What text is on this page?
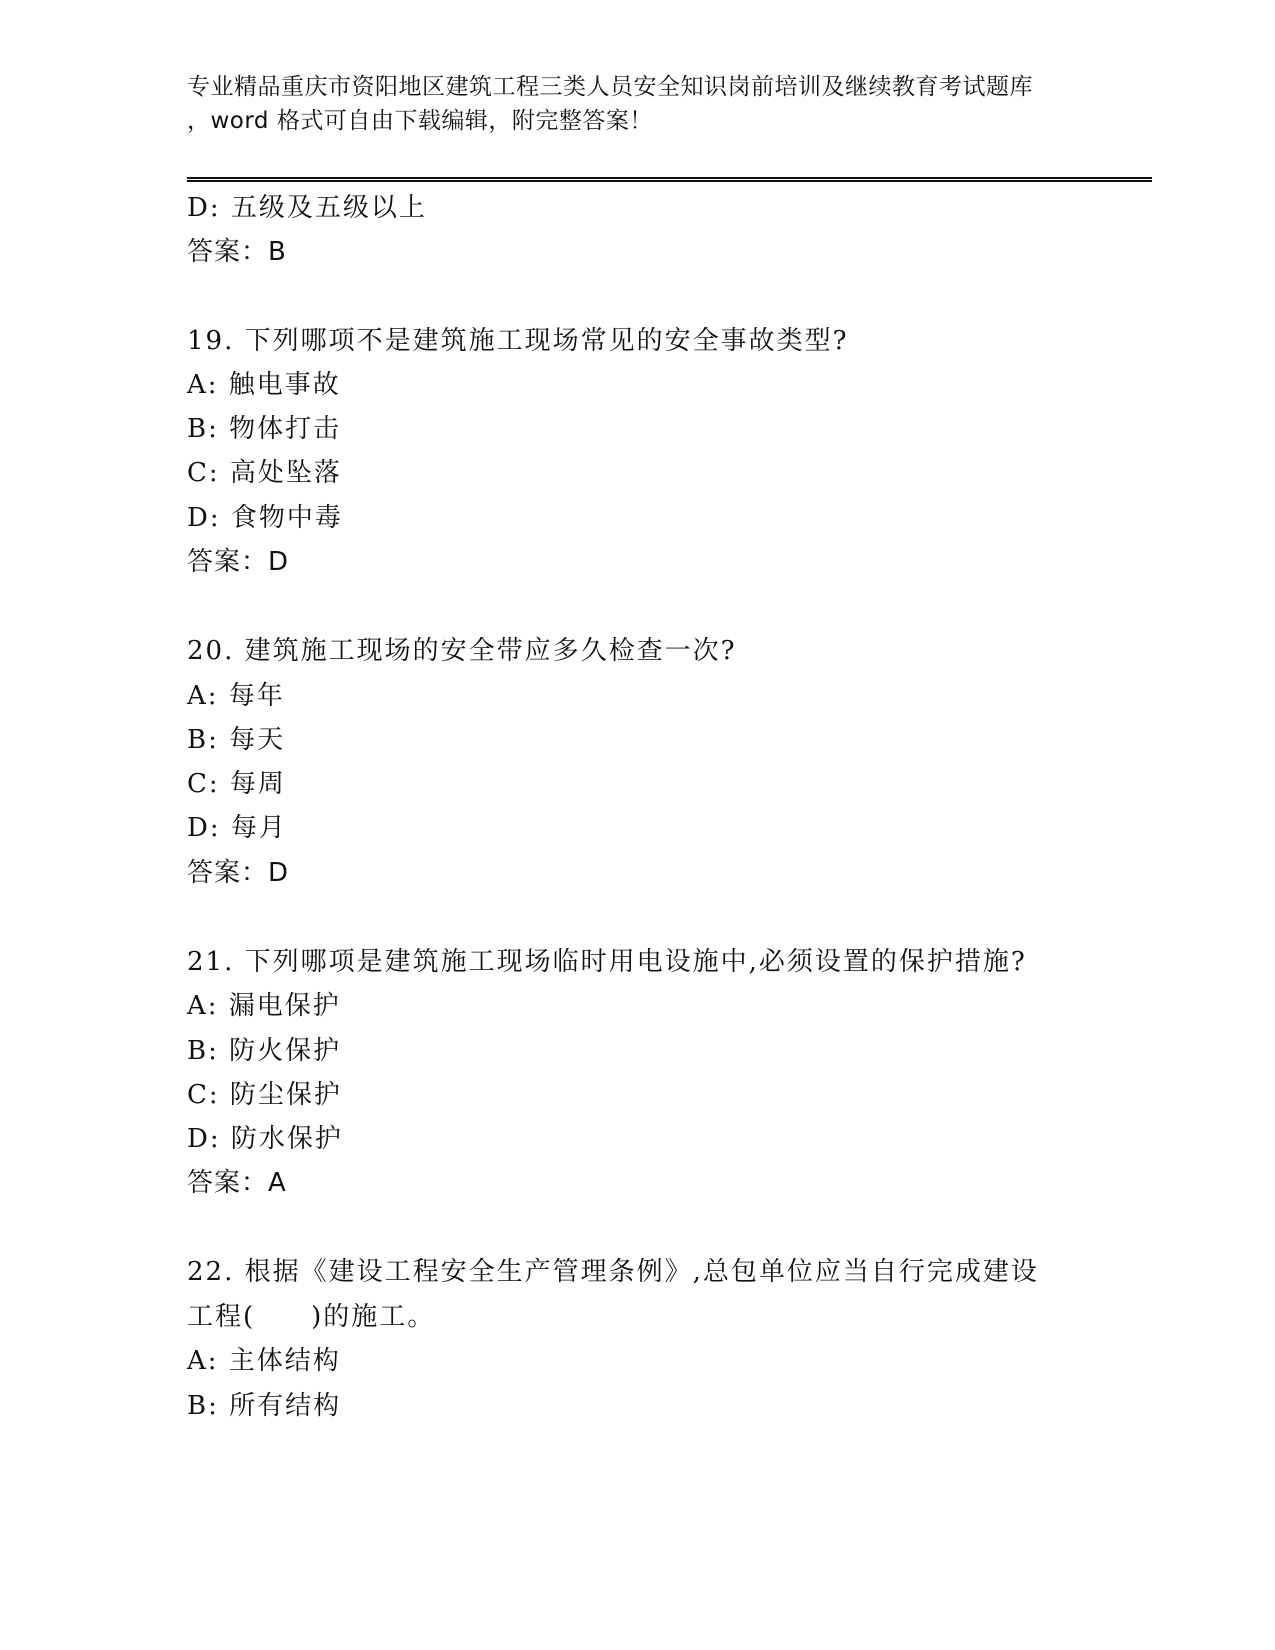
专业精品重庆市资阳地区建筑工程三类人员安全知识岗前培训及继续教育考试题库
，word 格式可自由下载编辑，附完整答案！
D: 五级及五级以上
答案：B
19. 下列哪项不是建筑施工现场常见的安全事故类型?
A: 触电事故
B: 物体打击
C: 高处坠落
D: 食物中毒
答案：D
20. 建筑施工现场的安全带应多久检查一次?
A: 每年
B: 每天
C: 每周
D: 每月
答案：D
21. 下列哪项是建筑施工现场临时用电设施中,必须设置的保护措施?
A: 漏电保护
B: 防火保护
C: 防尘保护
D: 防水保护
答案：A
22. 根据《建设工程安全生产管理条例》,总包单位应当自行完成建设
工程(　　)的施工。
A: 主体结构
B: 所有结构
